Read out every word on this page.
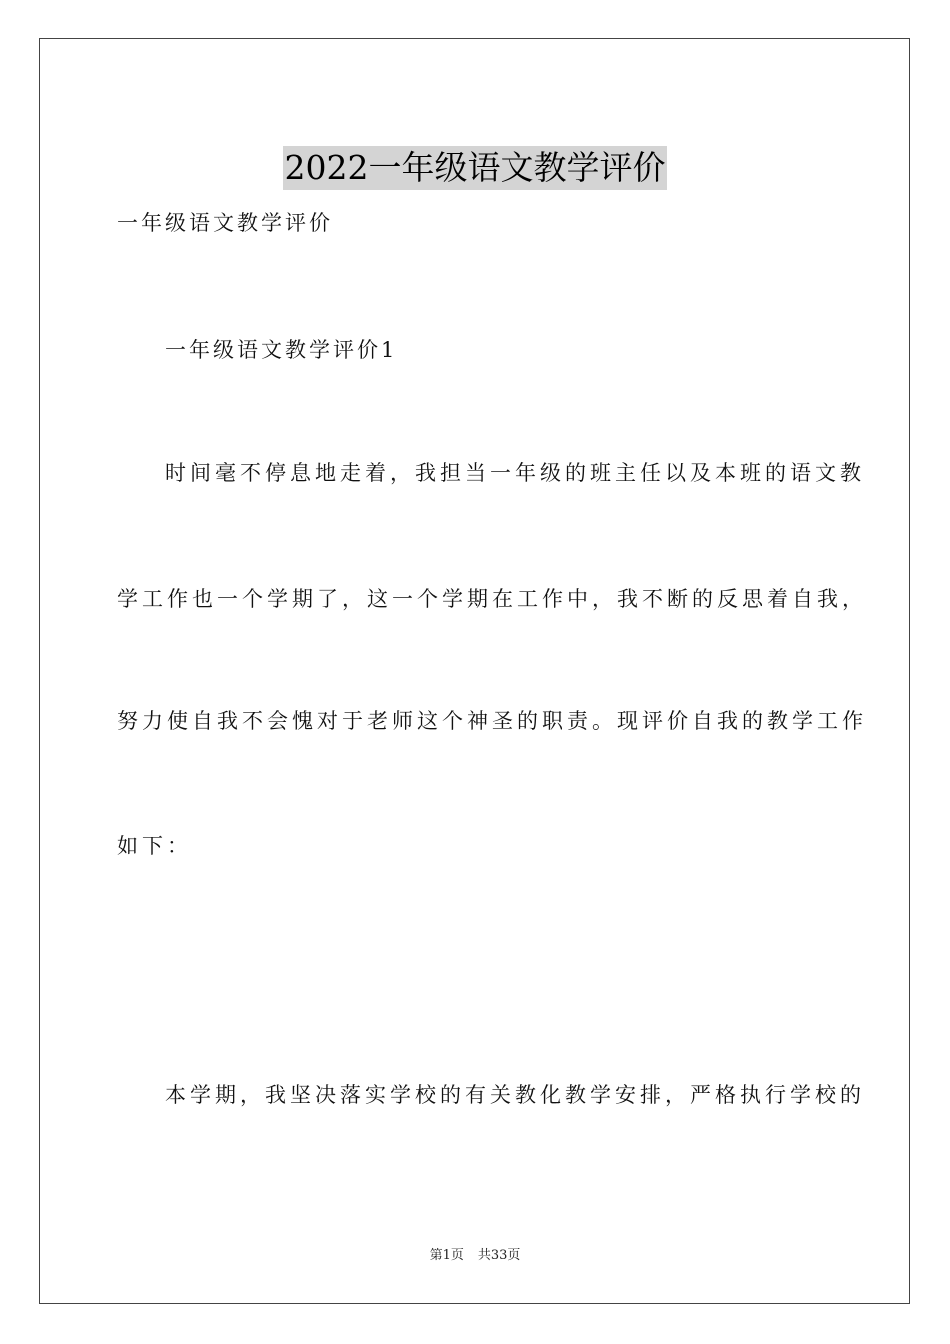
2022一年级语文教学评价
一年级语文教学评价
一年级语文教学评价1
时间毫不停息地走着，我担当一年级的班主任以及本班的语文教
学工作也一个学期了，这一个学期在工作中，我不断的反思着自我，
努力使自我不会愧对于老师这个神圣的职责。现评价自我的教学工作
如下：
本学期，我坚决落实学校的有关教化教学安排，严格执行学校的
第1页 共33页
